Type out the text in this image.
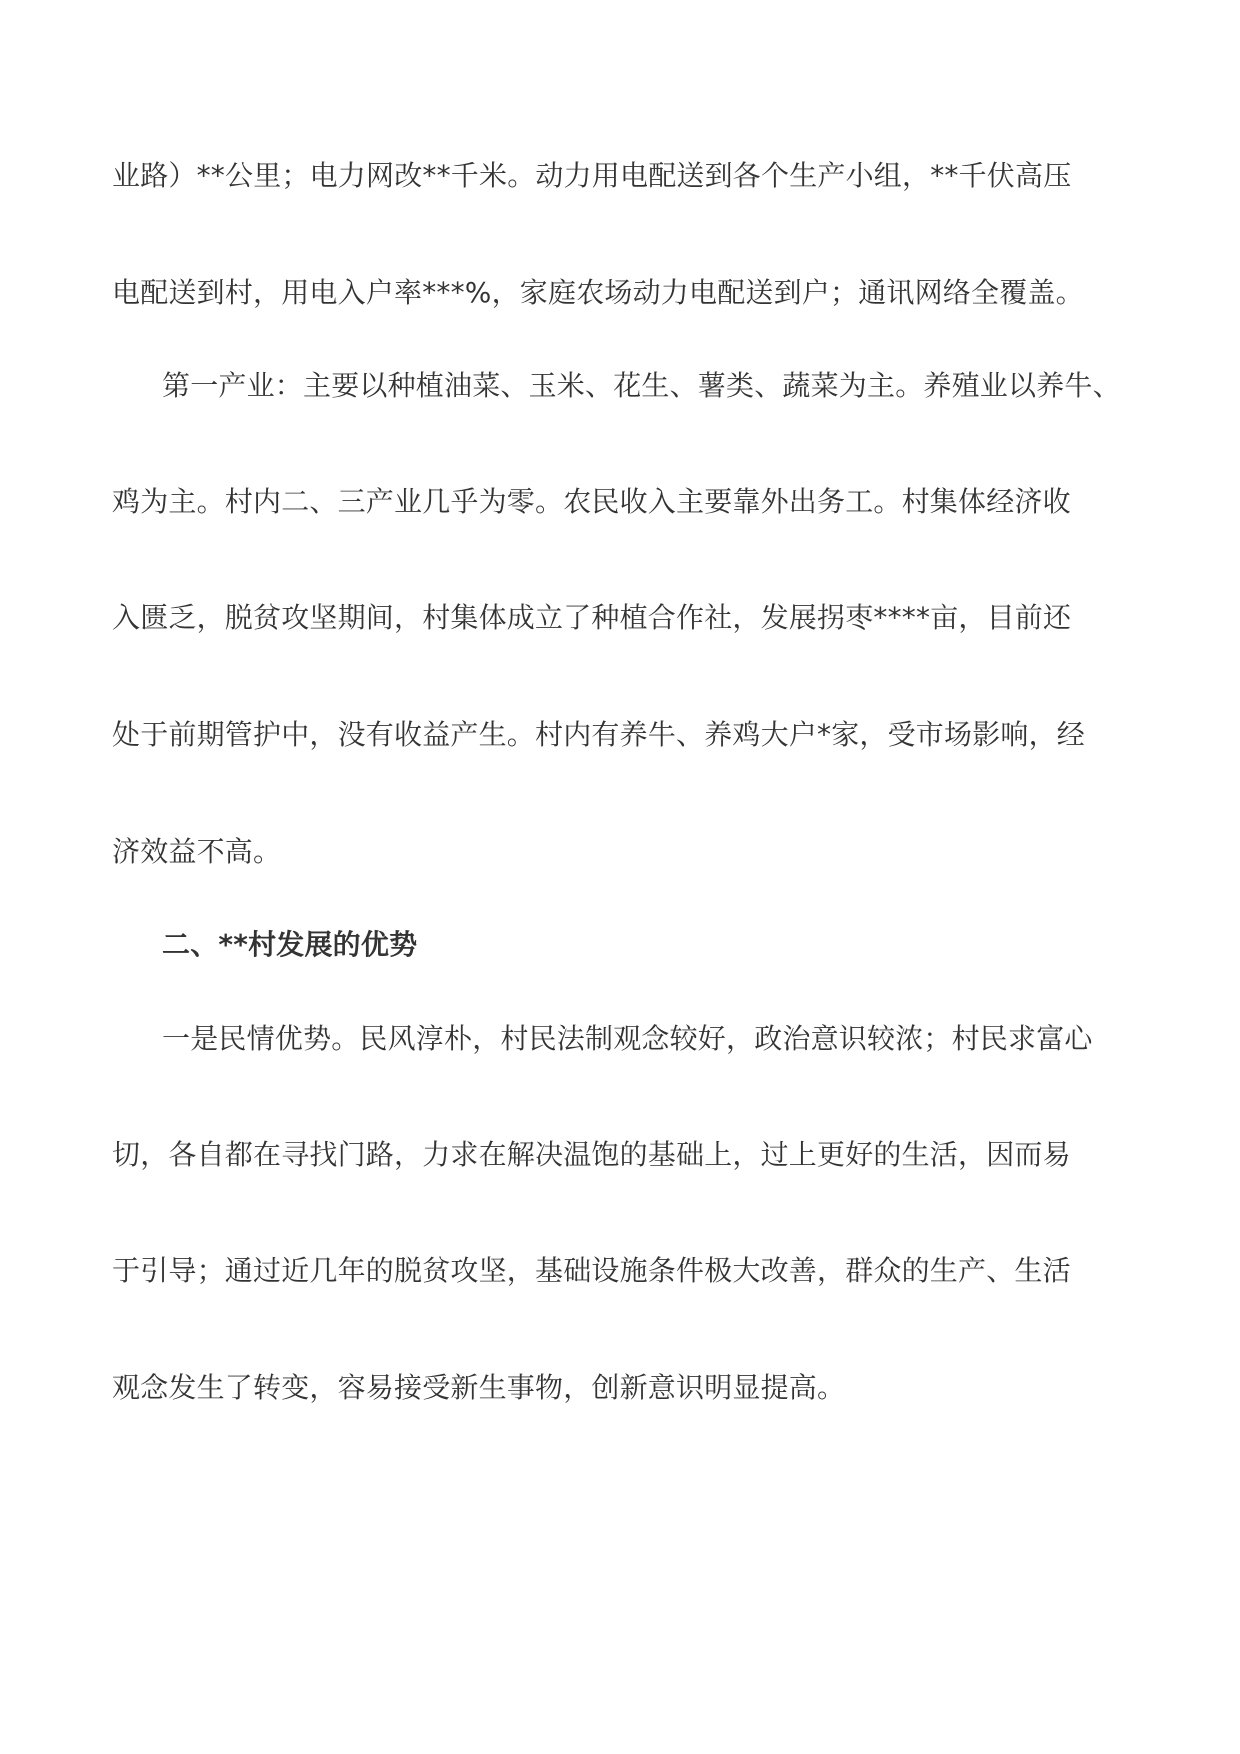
业路）**公里；电力网改**千米。动力用电配送到各个生产小组，**千伏高压
电配送到村，用电入户率***%，家庭农场动力电配送到户；通讯网络全覆盖。
第一产业：主要以种植油菜、玉米、花生、薯类、蔬菜为主。养殖业以养牛、
鸡为主。村内二、三产业几乎为零。农民收入主要靠外出务工。村集体经济收
入匮乏，脱贫攻坚期间，村集体成立了种植合作社，发展拐枣****亩，目前还
处于前期管护中，没有收益产生。村内有养牛、养鸡大户*家，受市场影响，经
济效益不高。
二、**村发展的优势
一是民情优势。民风淳朴，村民法制观念较好，政治意识较浓；村民求富心
切，各自都在寻找门路，力求在解决温饱的基础上，过上更好的生活，因而易
于引导；通过近几年的脱贫攻坚，基础设施条件极大改善，群众的生产、生活
观念发生了转变，容易接受新生事物，创新意识明显提高。
